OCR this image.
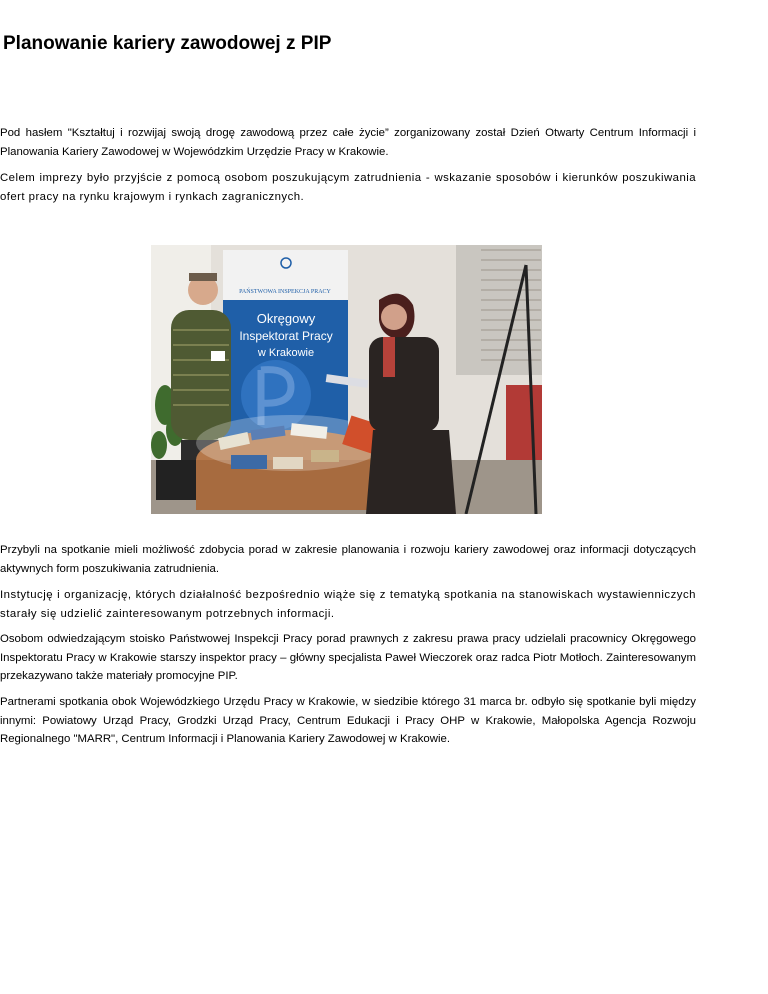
Planowanie kariery zawodowej z PIP

Pod hasłem "Kształtuj i rozwijaj swoją drogę zawodową przez całe życie” zorganizowany został Dzień Otwarty Centrum Informacji i Planowania Kariery Zawodowej w Wojewódzkim Urzędzie Pracy w Krakowie.

Celem imprezy było przyjście z pomocą osobom poszukującym zatrudnienia - wskazanie sposobów i kierunków poszukiwania ofert pracy na rynku krajowym i rynkach zagranicznych.

PAŃSTWOWA INSPEKCJA PRACY
Okręgowy
Inspektorat Pracy
w Krakowie

Przybyli na spotkanie mieli możliwość zdobycia porad w zakresie planowania i rozwoju kariery zawodowej oraz informacji dotyczących aktywnych form poszukiwania zatrudnienia.

Instytucję i organizację, których działalność bezpośrednio wiąże się z tematyką spotkania na stanowiskach wystawienniczych starały się udzielić zainteresowanym potrzebnych informacji.

Osobom odwiedzającym stoisko Państwowej Inspekcji Pracy porad prawnych z zakresu prawa pracy udzielali pracownicy Okręgowego Inspektoratu Pracy w Krakowie starszy inspektor pracy – główny specjalista Paweł Wieczorek oraz radca Piotr Motłoch. Zainteresowanym przekazywano także materiały promocyjne PIP.

Partnerami spotkania obok Wojewódzkiego Urzędu Pracy w Krakowie, w siedzibie którego 31 marca br. odbyło się spotkanie byli między innymi: Powiatowy Urząd Pracy, Grodzki Urząd Pracy, Centrum Edukacji i Pracy OHP w Krakowie, Małopolska Agencja Rozwoju Regionalnego "MARR", Centrum Informacji i Planowania Kariery Zawodowej w Krakowie.
